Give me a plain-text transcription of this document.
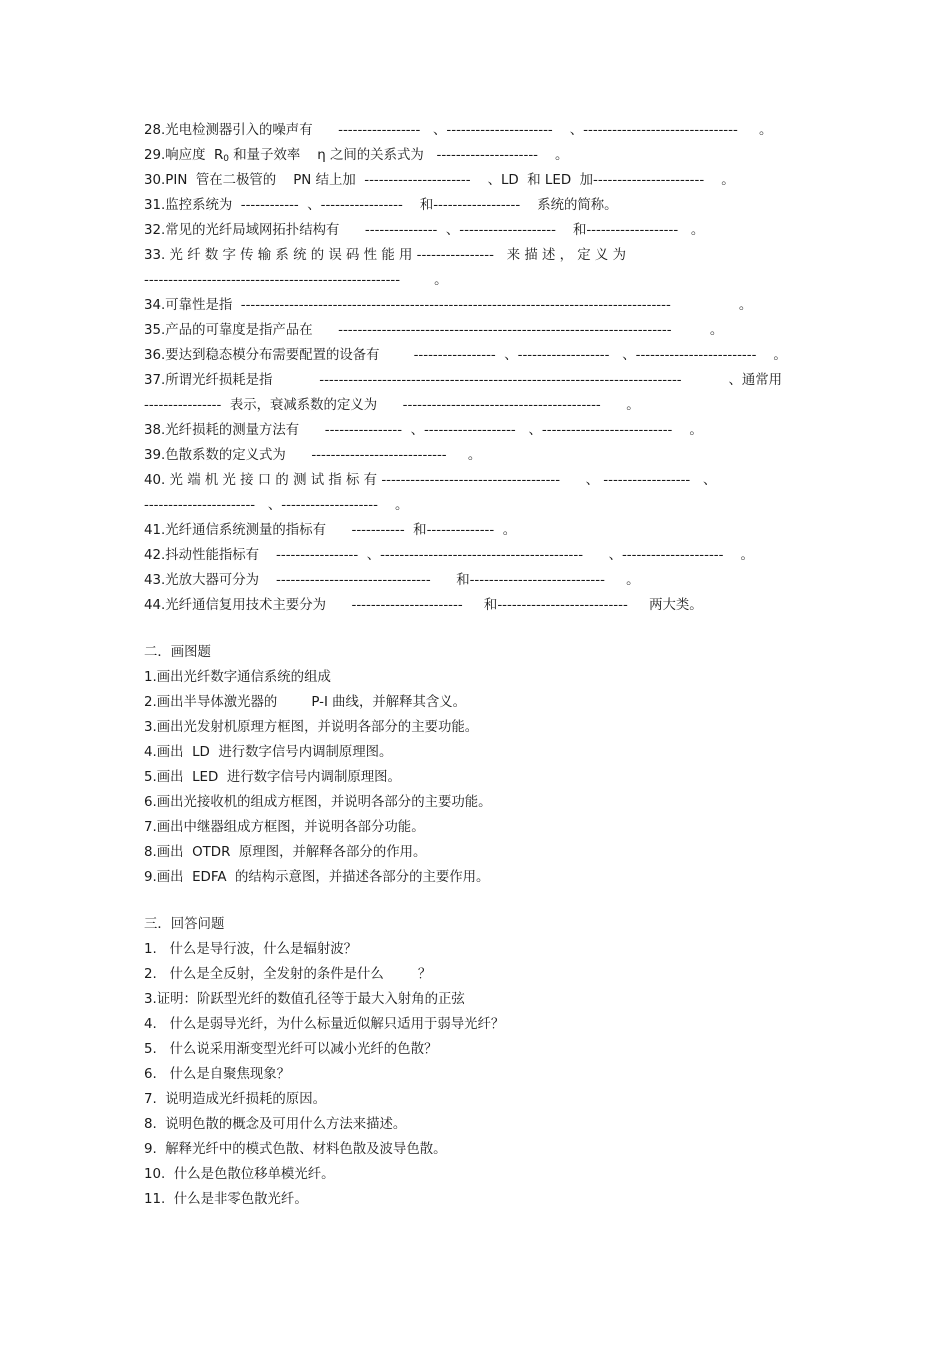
28.光电检测器引入的噪声有      -----------------   、----------------------    、--------------------------------     。
29.响应度  $R_0$ 和量子效率    η 之间的关系式为   ---------------------    。
30.PIN  管在二极管的    PN 结上加  ----------------------    、LD  和 LED  加-----------------------    。
31.监控系统为  ------------  、-----------------    和------------------    系统的简称。
32.常见的光纤局域网拓扑结构有      ---------------  、--------------------    和-------------------   。
33. 光 纤 数 字 传 输 系 统 的 误 码 性 能 用 ----------------   来 描 述 ， 定 义 为
-----------------------------------------------------        。
34.可靠性是指  -----------------------------------------------------------------------------------------                。
35.产品的可靠度是指产品在      ---------------------------------------------------------------------         。
36.要达到稳态模分布需要配置的设备有        -----------------  、-------------------   、-------------------------    。
37.所谓光纤损耗是指           ---------------------------------------------------------------------------           、通常用
----------------  表示，衰减系数的定义为      -----------------------------------------      。
38.光纤损耗的测量方法有      ----------------  、-------------------   、---------------------------    。
39.色散系数的定义式为      ----------------------------     。
40. 光 端 机 光 接 口 的 测 试 指 标 有 -------------------------------------      、 ------------------   、
-----------------------   、--------------------    。
41.光纤通信系统测量的指标有      -----------  和--------------  。
42.抖动性能指标有    -----------------  、------------------------------------------      、---------------------    。
43.光放大器可分为    --------------------------------      和----------------------------     。
44.光纤通信复用技术主要分为      -----------------------     和---------------------------     两大类。
二．画图题
1.画出光纤数字通信系统的组成
2.画出半导体激光器的        P-I 曲线，并解释其含义。
3.画出光发射机原理方框图，并说明各部分的主要功能。
4.画出  LD  进行数字信号内调制原理图。
5.画出  LED  进行数字信号内调制原理图。
6.画出光接收机的组成方框图，并说明各部分的主要功能。
7.画出中继器组成方框图，并说明各部分功能。
8.画出  OTDR  原理图，并解释各部分的作用。
9.画出  EDFA  的结构示意图，并描述各部分的主要作用。
三．回答问题
1.   什么是导行波，什么是辐射波？
2.   什么是全反射，全发射的条件是什么        ？
3.证明：阶跃型光纤的数值孔径等于最大入射角的正弦
4.   什么是弱导光纤，为什么标量近似解只适用于弱导光纤？
5.   什么说采用渐变型光纤可以减小光纤的色散？
6.   什么是自聚焦现象？
7.  说明造成光纤损耗的原因。
8.  说明色散的概念及可用什么方法来描述。
9.  解释光纤中的模式色散、材料色散及波导色散。
10.  什么是色散位移单模光纤。
11.  什么是非零色散光纤。
